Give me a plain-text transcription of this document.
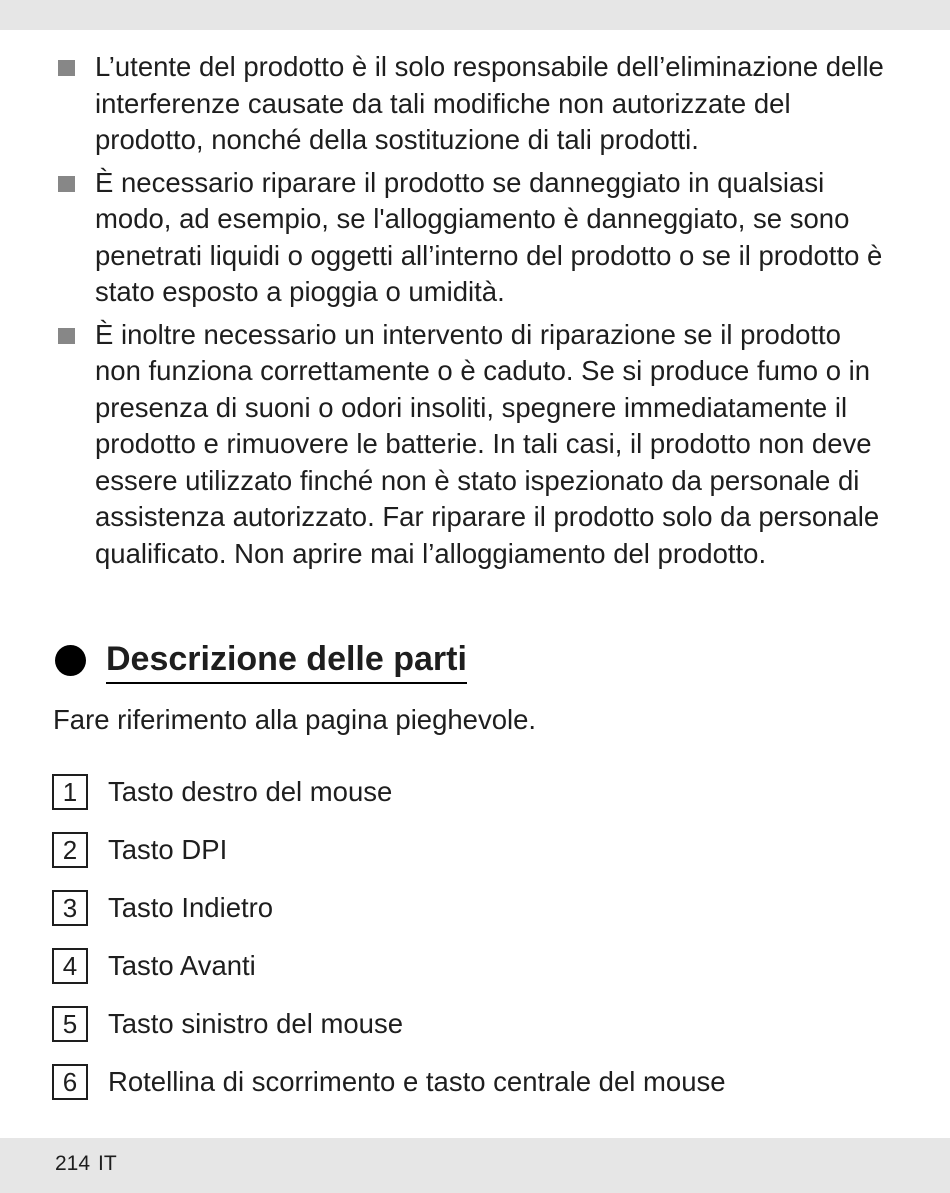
L’utente del prodotto è il solo responsabile dell’eliminazione delle interferenze causate da tali modifiche non autorizzate del prodotto, nonché della sostituzione di tali prodotti.
È necessario riparare il prodotto se danneggiato in qualsiasi modo, ad esempio, se l'alloggiamento è danneggiato, se sono penetrati liquidi o oggetti all’interno del prodotto o se il prodotto è stato esposto a pioggia o umidità.
È inoltre necessario un intervento di riparazione se il prodotto non funziona correttamente o è caduto. Se si produce fumo o in presenza di suoni o odori insoliti, spegnere immediatamente il prodotto e rimuovere le batterie. In tali casi, il prodotto non deve essere utilizzato finché non è stato ispezionato da personale di assistenza autorizzato. Far riparare il prodotto solo da personale qualificato. Non aprire mai l’alloggiamento del prodotto.
Descrizione delle parti
Fare riferimento alla pagina pieghevole.
1	Tasto destro del mouse
2	Tasto DPI
3	Tasto Indietro
4	Tasto Avanti
5	Tasto sinistro del mouse
6	Rotellina di scorrimento e tasto centrale del mouse
214 IT
